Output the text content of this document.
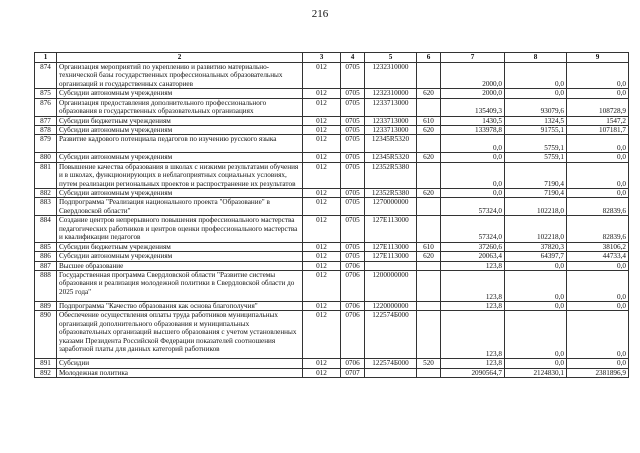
216
1	2	3	4	5	6	7	8	9
874	Организация мероприятий по укреплению и развитию материально-технической базы государственных профессиональных образовательных организаций и государственных санаториев	012	0705	1232310000		2000,0	0,0	0,0
875	Субсидии автономным учреждениям	012	0705	1232310000	620	2000,0	0,0	0,0
876	Организация предоставления дополнительного профессионального образования в государственных образовательных организациях	012	0705	1233713000		135409,3	93079,6	108728,9
877	Субсидии бюджетным учреждениям	012	0705	1233713000	610	1430,5	1324,5	1547,2
878	Субсидии автономным учреждениям	012	0705	1233713000	620	133978,8	91755,1	107181,7
879	Развитие кадрового потенциала педагогов по изучению русского языка	012	0705	12345R5320		0,0	5759,1	0,0
880	Субсидии автономным учреждениям	012	0705	12345R5320	620	0,0	5759,1	0,0
881	Повышение качества образования в школах с низкими результатами обучения и в школах, функционирующих в неблагоприятных социальных условиях, путем реализации региональных проектов и распространение их результатов	012	0705	12352R5380		0,0	7190,4	0,0
882	Субсидии автономным учреждениям	012	0705	12352R5380	620	0,0	7190,4	0,0
883	Подпрограмма "Реализация национального проекта "Образование" в Свердловской области"	012	0705	1270000000		57324,0	102218,0	82839,6
884	Создание центров непрерывного повышения профессионального мастерства педагогических работников и центров оценки профессионального мастерства и квалификации педагогов	012	0705	127E113000		57324,0	102218,0	82839,6
885	Субсидии бюджетным учреждениям	012	0705	127E113000	610	37260,6	37820,3	38106,2
886	Субсидии автономным учреждениям	012	0705	127E113000	620	20063,4	64397,7	44733,4
887	Высшее образование	012	0706			123,8	0,0	0,0
888	Государственная программа Свердловской области "Развитие системы образования и реализация молодежной политики в Свердловской области до 2025 года"	012	0706	1200000000		123,8	0,0	0,0
889	Подпрограмма "Качество образования как основа благополучия"	012	0706	1220000000		123,8	0,0	0,0
890	Обеспечение осуществления оплаты труда работников муниципальных организаций дополнительного образования и муниципальных образовательных организаций высшего образования с учетом установленных указами Президента Российской Федерации показателей соотношения заработной платы для данных категорий работников	012	0706	122574Б000		123,8	0,0	0,0
891	Субсидии	012	0706	122574Б000	520	123,8	0,0	0,0
892	Молодежная политика	012	0707			2090564,7	2124830,1	2381896,9
